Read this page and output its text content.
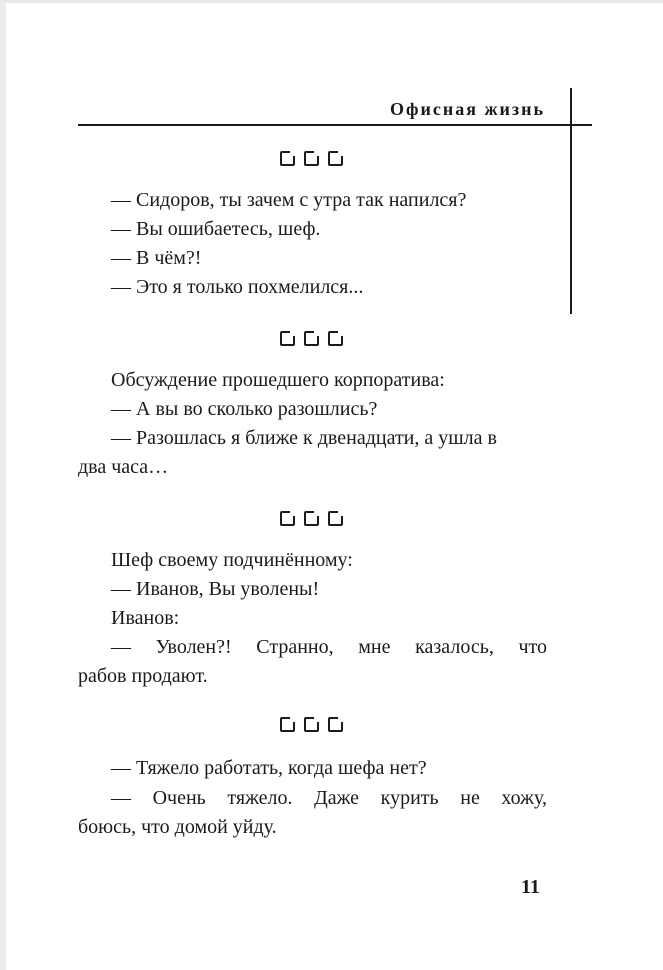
Офисная жизнь
— Сидоров, ты зачем с утра так напился?
— Вы ошибаетесь, шеф.
— В чём?!
— Это я только похмелился...
Обсуждение прошедшего корпоратива:
— А вы во сколько разошлись?
— Разошлась я ближе к двенадцати, а ушла в
два часа…
Шеф своему подчинённому:
— Иванов, Вы уволены!
Иванов:
— Уволен?! Странно, мне казалось, что
рабов продают.
— Тяжело работать, когда шефа нет?
— Очень тяжело. Даже курить не хожу,
боюсь, что домой уйду.
11
